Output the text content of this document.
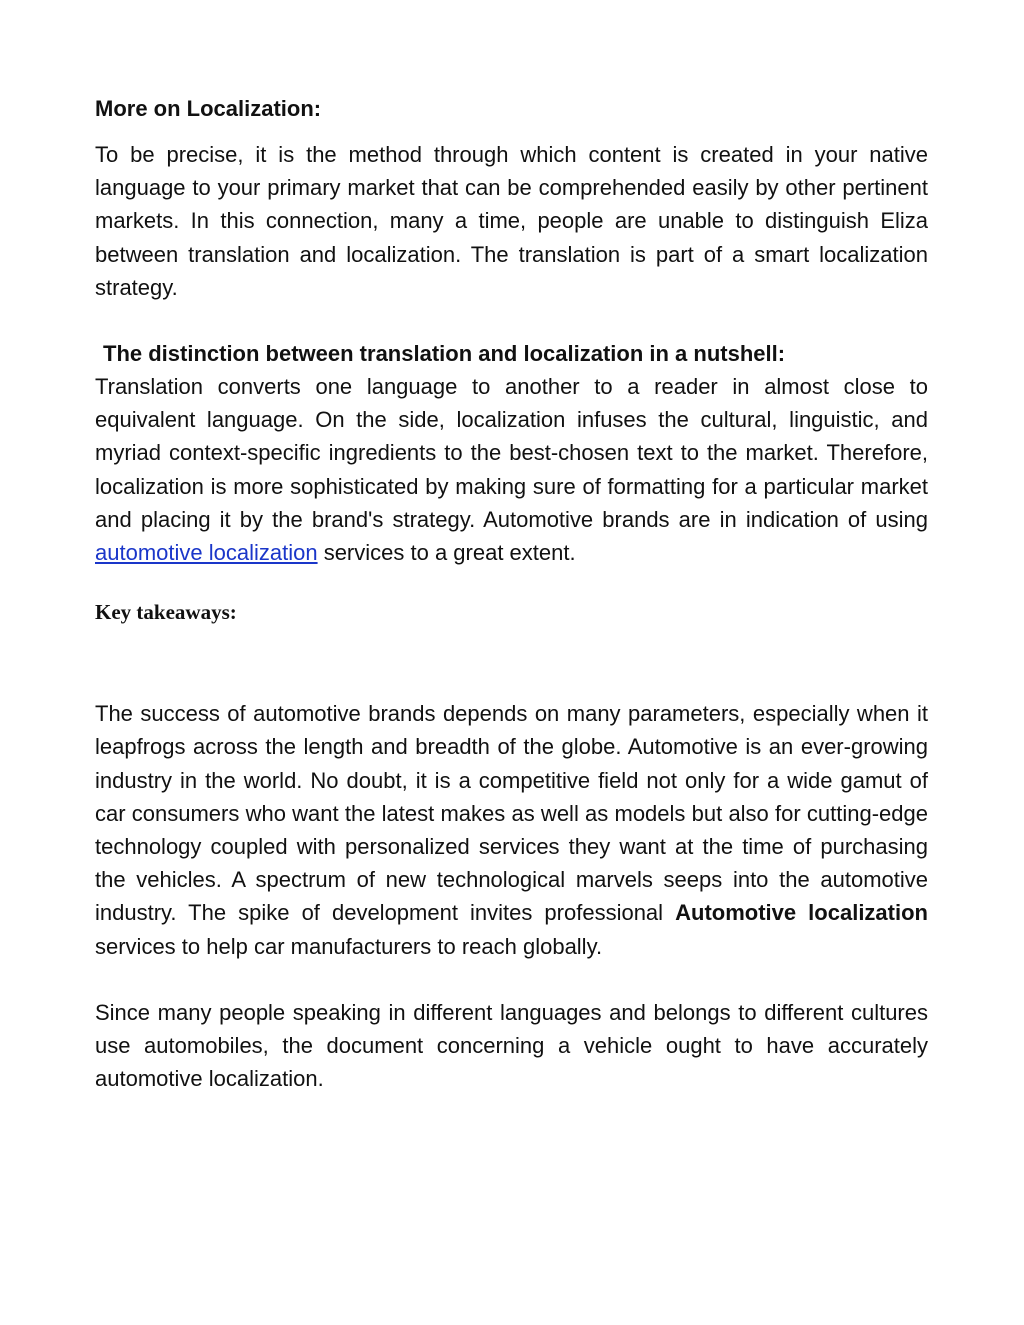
More on Localization:

To be precise, it is the method through which content is created in your native language to your primary market that can be comprehended easily by other pertinent markets. In this connection, many a time, people are unable to distinguish Eliza between translation and localization. The translation is part of a smart localization strategy.

The distinction between translation and localization in a nutshell:

Translation converts one language to another to a reader in almost close to equivalent language. On the side, localization infuses the cultural, linguistic, and myriad context-specific ingredients to the best-chosen text to the market. Therefore, localization is more sophisticated by making sure of formatting for a particular market and placing it by the brand's strategy. Automotive brands are in indication of using automotive localization services to a great extent.

Key takeaways:

The success of automotive brands depends on many parameters, especially when it leapfrogs across the length and breadth of the globe. Automotive is an ever-growing industry in the world. No doubt, it is a competitive field not only for a wide gamut of car consumers who want the latest makes as well as models but also for cutting-edge technology coupled with personalized services they want at the time of purchasing the vehicles. A spectrum of new technological marvels seeps into the automotive industry. The spike of development invites professional Automotive localization services to help car manufacturers to reach globally.

Since many people speaking in different languages and belongs to different cultures use automobiles, the document concerning a vehicle ought to have accurately automotive localization.
